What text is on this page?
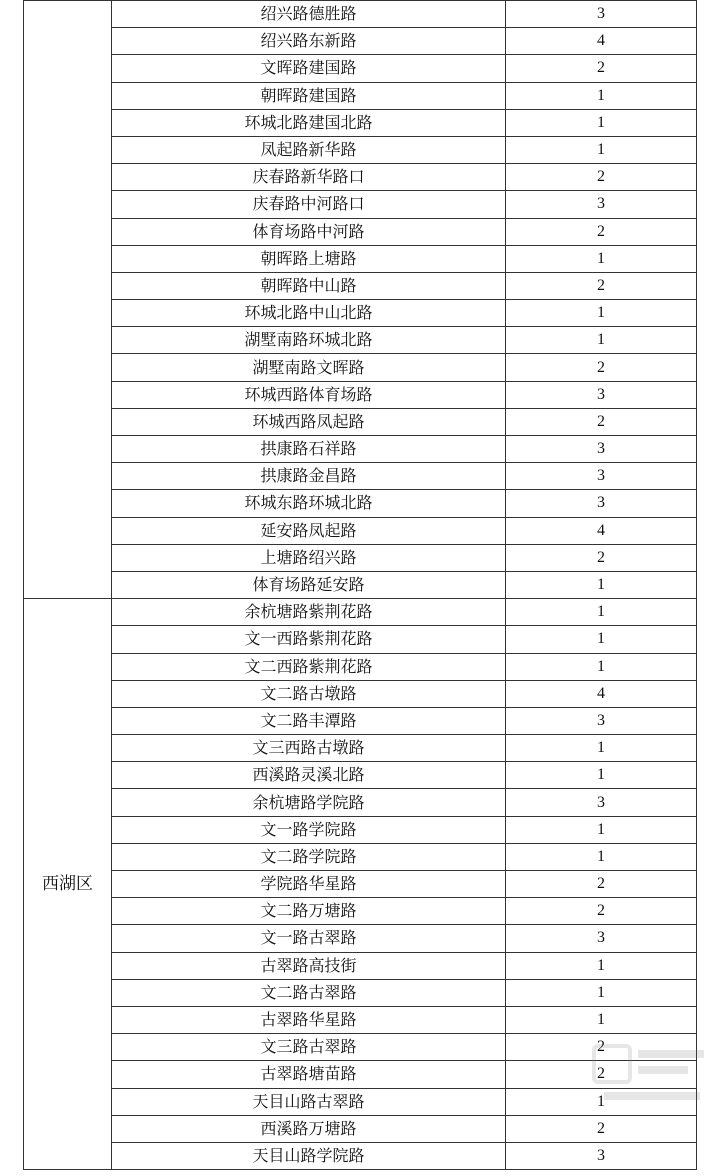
	绍兴路德胜路	3
	绍兴路东新路	4
	文晖路建国路	2
	朝晖路建国路	1
	环城北路建国北路	1
	凤起路新华路	1
	庆春路新华路口	2
	庆春路中河路口	3
	体育场路中河路	2
	朝晖路上塘路	1
	朝晖路中山路	2
	环城北路中山北路	1
	湖墅南路环城北路	1
	湖墅南路文晖路	2
	环城西路体育场路	3
	环城西路凤起路	2
	拱康路石祥路	3
	拱康路金昌路	3
	环城东路环城北路	3
	延安路凤起路	4
	上塘路绍兴路	2
	体育场路延安路	1
西湖区	余杭塘路紫荆花路	1
	文一西路紫荆花路	1
	文二西路紫荆花路	1
	文二路古墩路	4
	文二路丰潭路	3
	文三西路古墩路	1
	西溪路灵溪北路	1
	余杭塘路学院路	3
	文一路学院路	1
	文二路学院路	1
	学院路华星路	2
	文二路万塘路	2
	文一路古翠路	3
	古翠路高技街	1
	文二路古翠路	1
	古翠路华星路	1
	文三路古翠路	2
	古翠路塘苗路	2
	天目山路古翠路	1
	西溪路万塘路	2
	天目山路学院路	3
